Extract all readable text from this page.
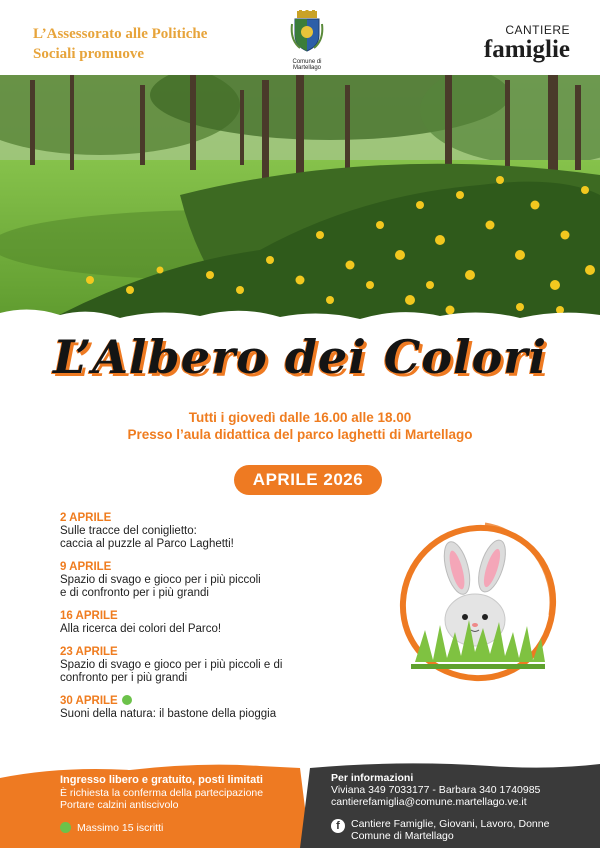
L’Assessorato alle Politiche
Sociali promuove	Comune di Martellago
CANTIERE
famiglie
L’Albero dei Colori
Tutti i giovedì dalle 16.00 alle 18.00
Presso l’aula didattica del parco laghetti di Martellago
APRILE 2026
2 APRILE
Sulle tracce del coniglietto:
caccia al puzzle al Parco Laghetti!
9 APRILE
Spazio di svago e gioco per i più piccoli
e di confronto per i più grandi
16 APRILE
Alla ricerca dei colori del Parco!
23 APRILE
Spazio di svago e gioco per i più piccoli e di
confronto per i più grandi
30 APRILE
Suoni della natura: il bastone della pioggia
Ingresso libero e gratuito, posti limitati
È richiesta la conferma della partecipazione
Portare calzini antiscivolo
Massimo 15 iscritti
Per informazioni
Viviana 349 7033177 - Barbara 340 1740985
cantierefamiglia@comune.martellago.ve.it
f	Cantiere Famiglie, Giovani, Lavoro, Donne
Comune di Martellago
